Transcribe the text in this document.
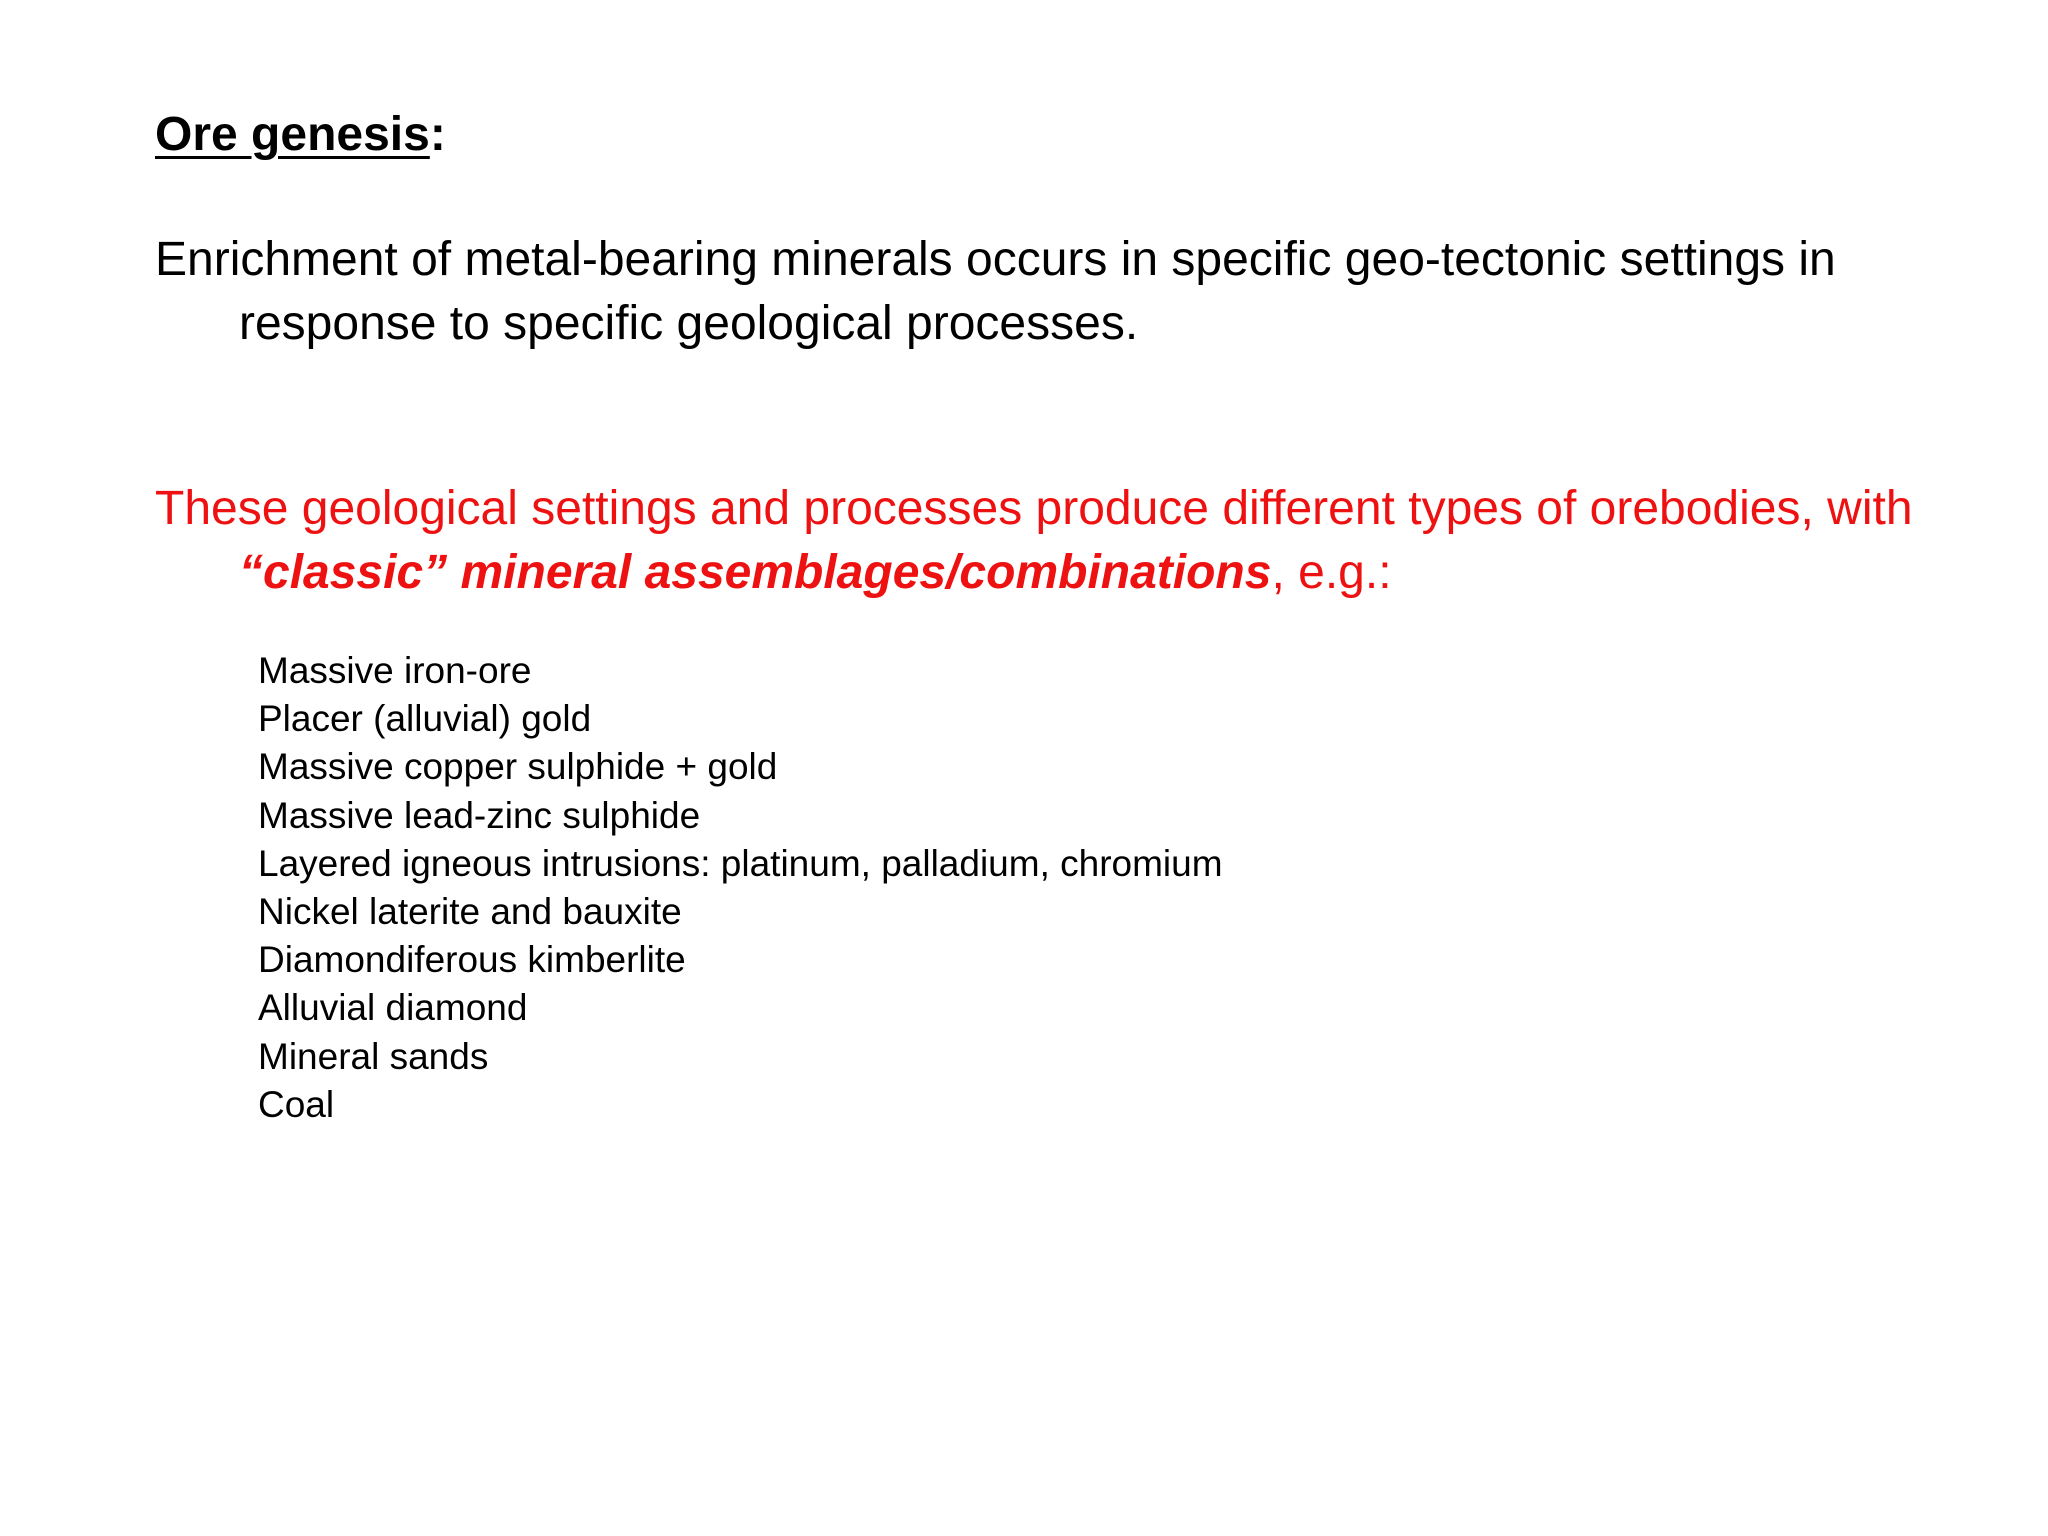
Ore genesis:

Enrichment of metal-bearing minerals occurs in specific geo-tectonic settings in response to specific geological processes.

These geological settings and processes produce different types of orebodies, with “classic” mineral assemblages/combinations, e.g.:

Massive iron-ore
Placer (alluvial) gold
Massive copper sulphide + gold
Massive lead-zinc sulphide
Layered igneous intrusions: platinum, palladium, chromium
Nickel laterite and bauxite
Diamondiferous kimberlite
Alluvial diamond
Mineral sands
Coal
